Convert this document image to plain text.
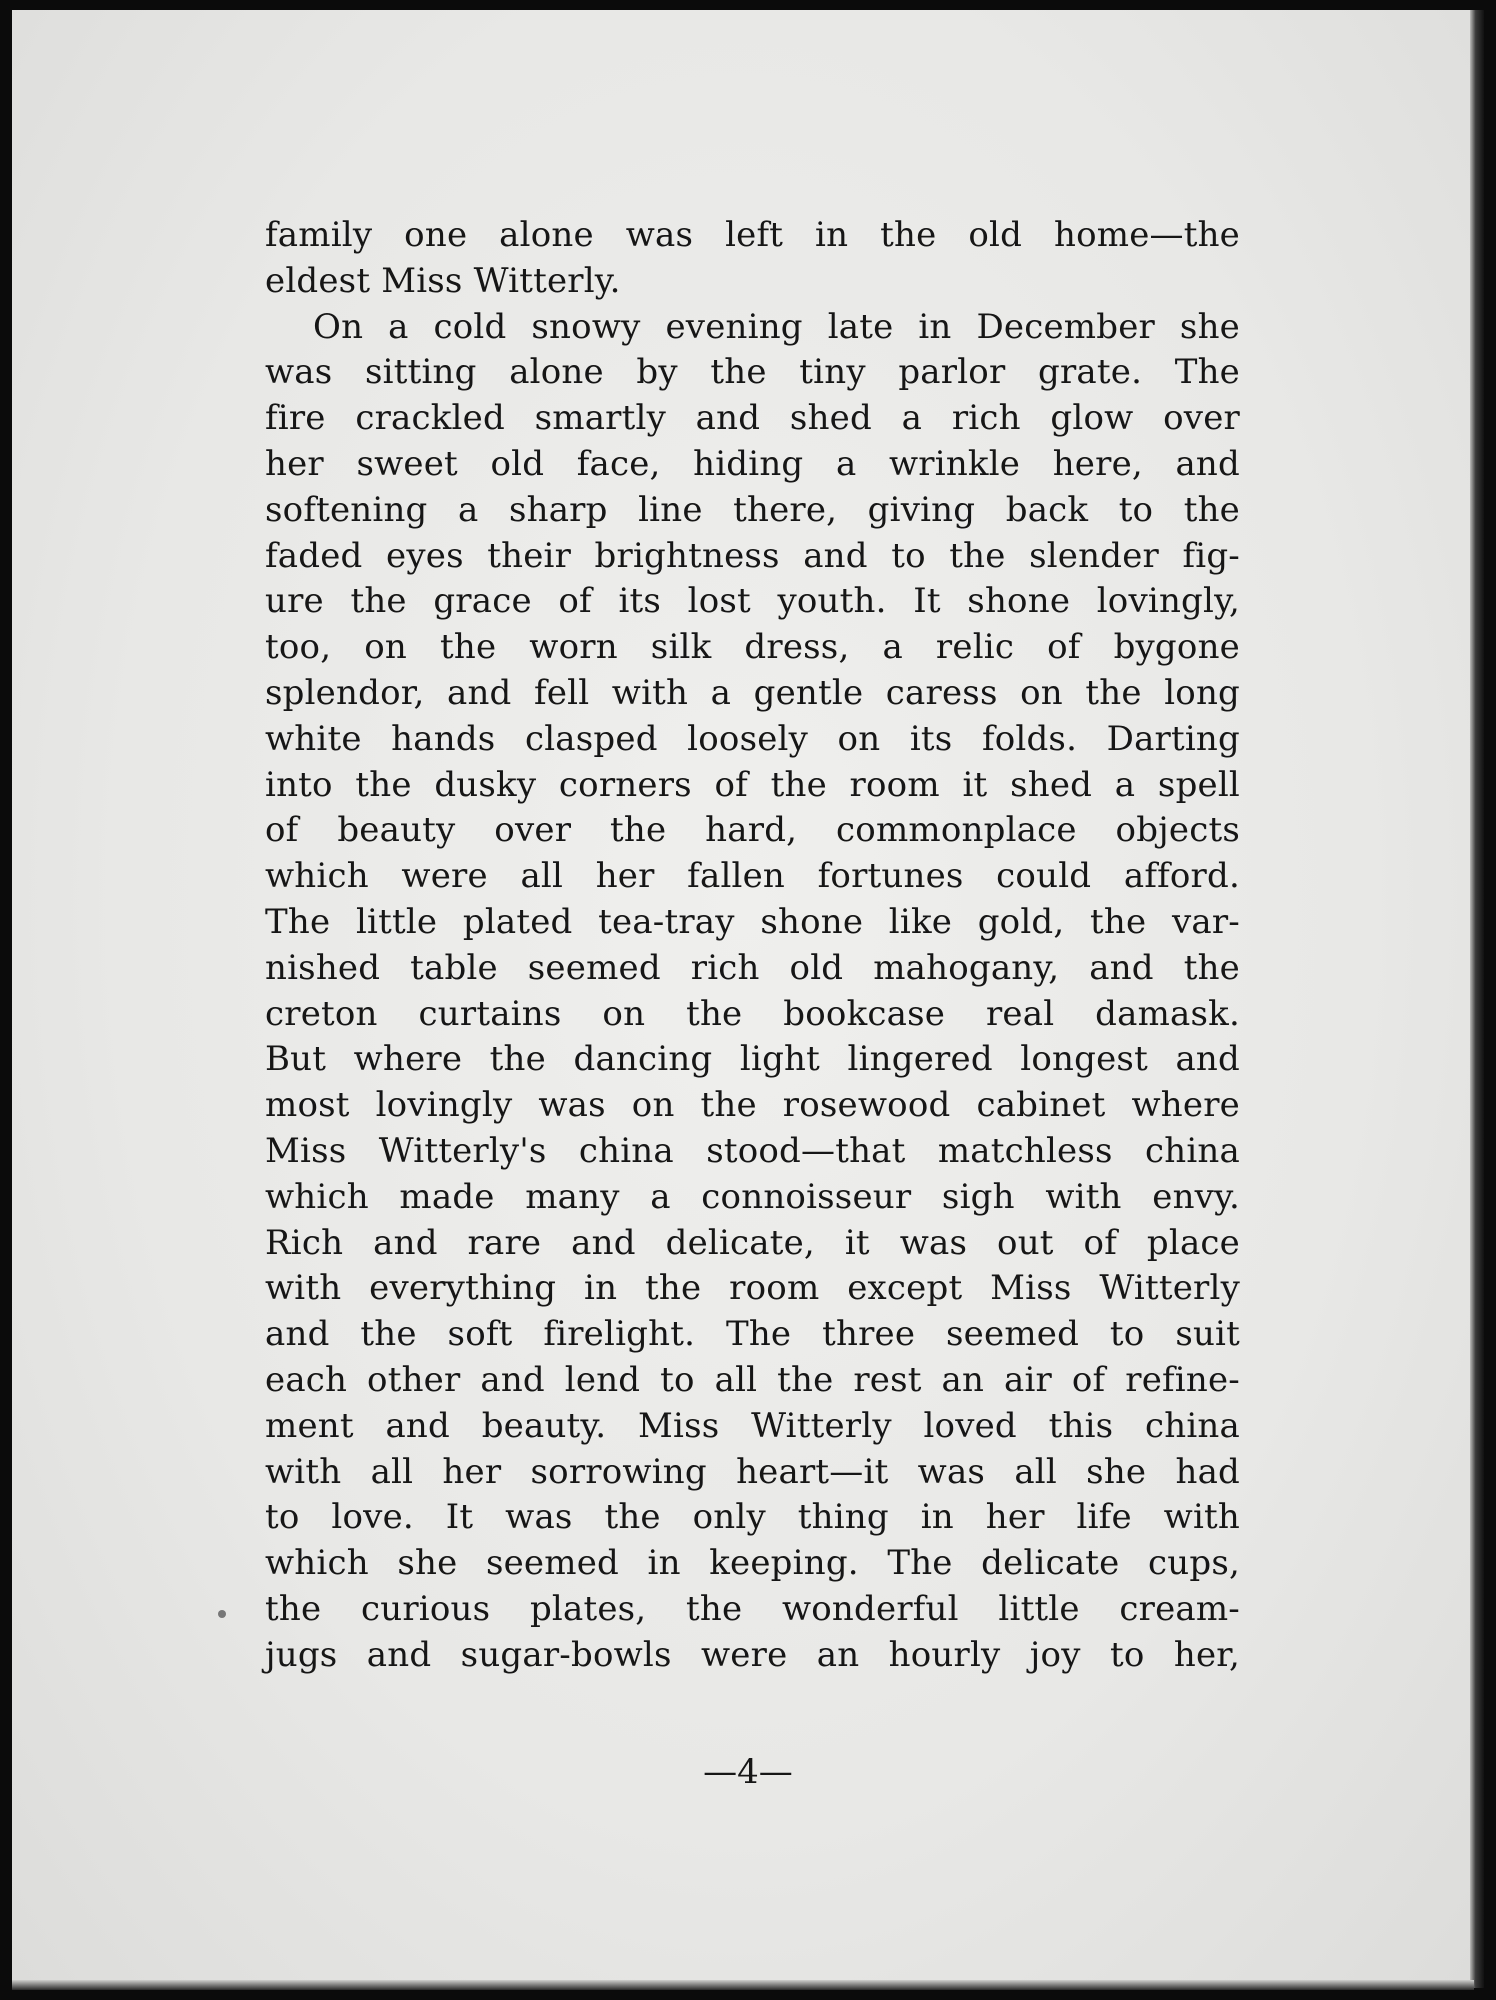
family one alone was left in the old home—the
eldest Miss Witterly.
On a cold snowy evening late in December she
was sitting alone by the tiny parlor grate. The
fire crackled smartly and shed a rich glow over
her sweet old face, hiding a wrinkle here, and
softening a sharp line there, giving back to the
faded eyes their brightness and to the slender fig-
ure the grace of its lost youth. It shone lovingly,
too, on the worn silk dress, a relic of bygone
splendor, and fell with a gentle caress on the long
white hands clasped loosely on its folds. Darting
into the dusky corners of the room it shed a spell
of beauty over the hard, commonplace objects
which were all her fallen fortunes could afford.
The little plated tea-tray shone like gold, the var-
nished table seemed rich old mahogany, and the
creton curtains on the bookcase real damask.
But where the dancing light lingered longest and
most lovingly was on the rosewood cabinet where
Miss Witterly's china stood—that matchless china
which made many a connoisseur sigh with envy.
Rich and rare and delicate, it was out of place
with everything in the room except Miss Witterly
and the soft firelight. The three seemed to suit
each other and lend to all the rest an air of refine-
ment and beauty. Miss Witterly loved this china
with all her sorrowing heart—it was all she had
to love. It was the only thing in her life with
which she seemed in keeping. The delicate cups,
the curious plates, the wonderful little cream-
jugs and sugar-bowls were an hourly joy to her,
—4—
